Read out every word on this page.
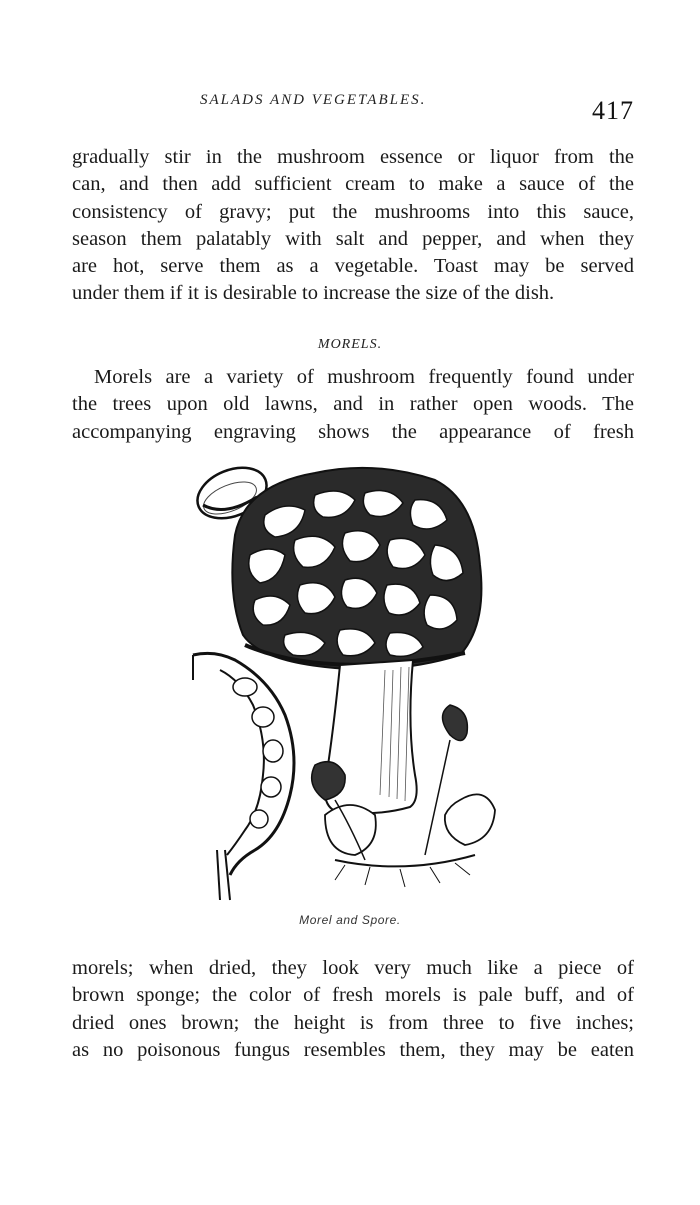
SALADS AND VEGETABLES.	417

gradually stir in the mushroom essence or liquor from the
can, and then add sufficient cream to make a sauce of the
consistency of gravy; put the mushrooms into this sauce,
season them palatably with salt and pepper, and when they
are hot, serve them as a vegetable. Toast may be served
under them if it is desirable to increase the size of the dish.

MORELS.

Morels are a variety of mushroom frequently found under
the trees upon old lawns, and in rather open woods. The
accompanying engraving shows the appearance of fresh

Morel and Spore.

morels; when dried, they look very much like a piece of
brown sponge; the color of fresh morels is pale buff, and of
dried ones brown; the height is from three to five inches;
as no poisonous fungus resembles them, they may be eaten
